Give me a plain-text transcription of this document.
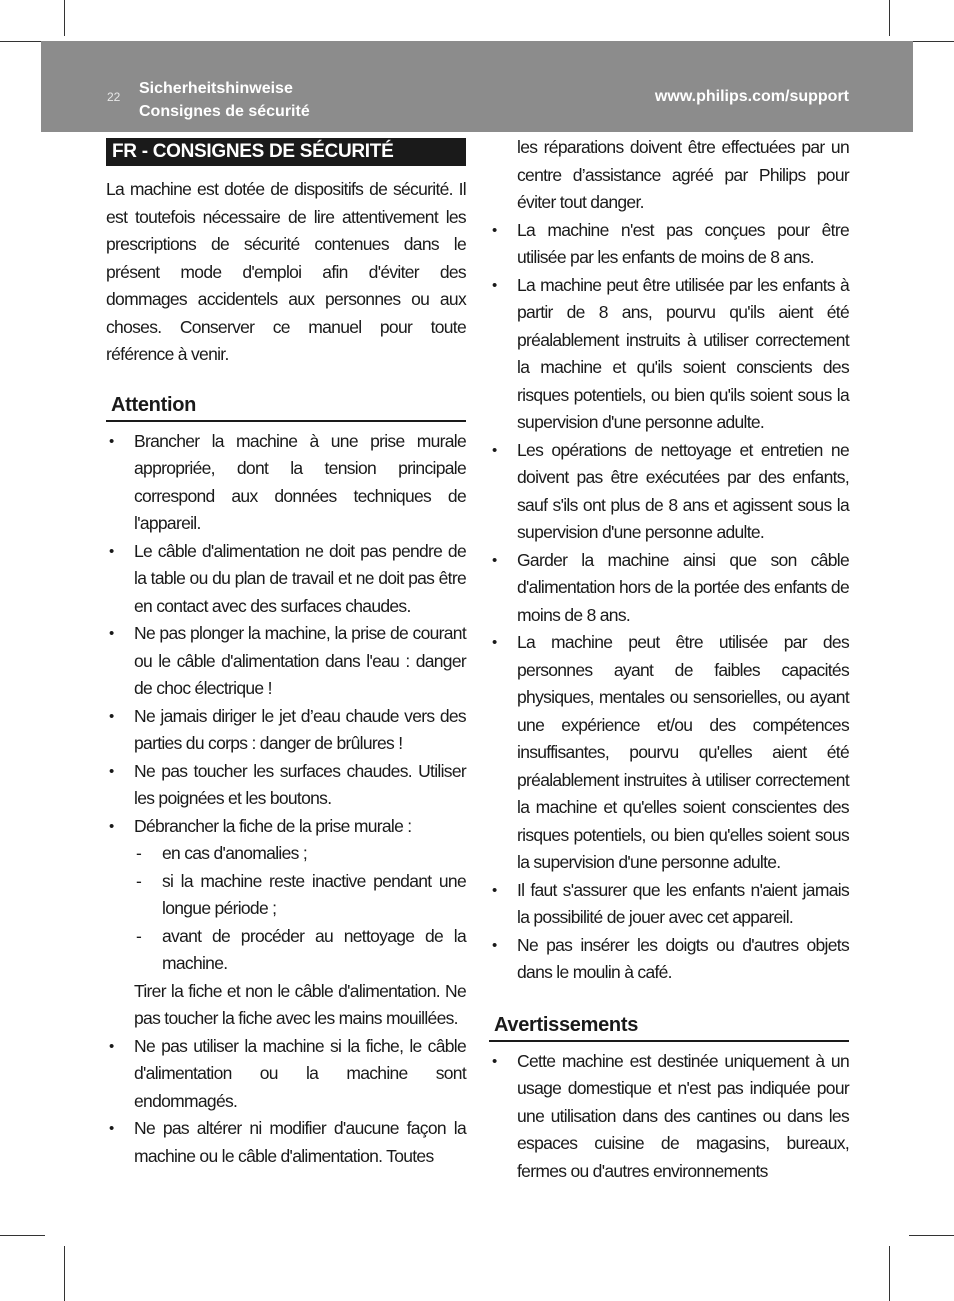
22 Sicherheitshinweise
Consignes de sécurité
www.philips.com/support
FR - CONSIGNES DE SÉCURITÉ

La machine est dotée de dispositifs de sécurité. Il est toutefois nécessaire de lire attentivement les prescriptions de sécurité contenues dans le présent mode d'emploi afin d'éviter des dommages accidentels aux personnes ou aux choses. Conserver ce manuel pour toute référence à venir.

Attention
• Brancher la machine à une prise murale appropriée, dont la tension principale correspond aux données techniques de l'appareil.
• Le câble d'alimentation ne doit pas pendre de la table ou du plan de travail et ne doit pas être en contact avec des surfaces chaudes.
• Ne pas plonger la machine, la prise de courant ou le câble d'alimentation dans l'eau : danger de choc électrique !
• Ne jamais diriger le jet d’eau chaude vers des parties du corps : danger de brûlures !
• Ne pas toucher les surfaces chaudes. Utiliser les poignées et les boutons.
• Débrancher la fiche de la prise murale :
- en cas d'anomalies ;
- si la machine reste inactive pendant une longue période ;
- avant de procéder au nettoyage de la machine.
Tirer la fiche et non le câble d'alimentation. Ne pas toucher la fiche avec les mains mouillées.
• Ne pas utiliser la machine si la fiche, le câble d'alimentation ou la machine sont endommagés.
• Ne pas altérer ni modifier d'aucune façon la machine ou le câble d'alimentation. Toutes
les réparations doivent être effectuées par un centre d’assistance agréé par Philips pour éviter tout danger.
• La machine n'est pas conçues pour être utilisée par les enfants de moins de 8 ans.
• La machine peut être utilisée par les enfants à partir de 8 ans, pourvu qu'ils aient été préalablement instruits à utiliser correctement la machine et qu'ils soient conscients des risques potentiels, ou bien qu'ils soient sous la supervision d'une personne adulte.
• Les opérations de nettoyage et entretien ne doivent pas être exécutées par des enfants, sauf s'ils ont plus de 8 ans et agissent sous la supervision d'une personne adulte.
• Garder la machine ainsi que son câble d'alimentation hors de la portée des enfants de moins de 8 ans.
• La machine peut être utilisée par des personnes ayant de faibles capacités physiques, mentales ou sensorielles, ou ayant une expérience et/ou des compétences insuffisantes, pourvu qu'elles aient été préalablement instruites à utiliser correctement la machine et qu'elles soient conscientes des risques potentiels, ou bien qu'elles soient sous la supervision d'une personne adulte.
• Il faut s'assurer que les enfants n'aient jamais la possibilité de jouer avec cet appareil.
• Ne pas insérer les doigts ou d'autres objets dans le moulin à café.
Avertissements
• Cette machine est destinée uniquement à un usage domestique et n'est pas indiquée pour une utilisation dans des cantines ou dans les espaces cuisine de magasins, bureaux, fermes ou d'autres environnements
